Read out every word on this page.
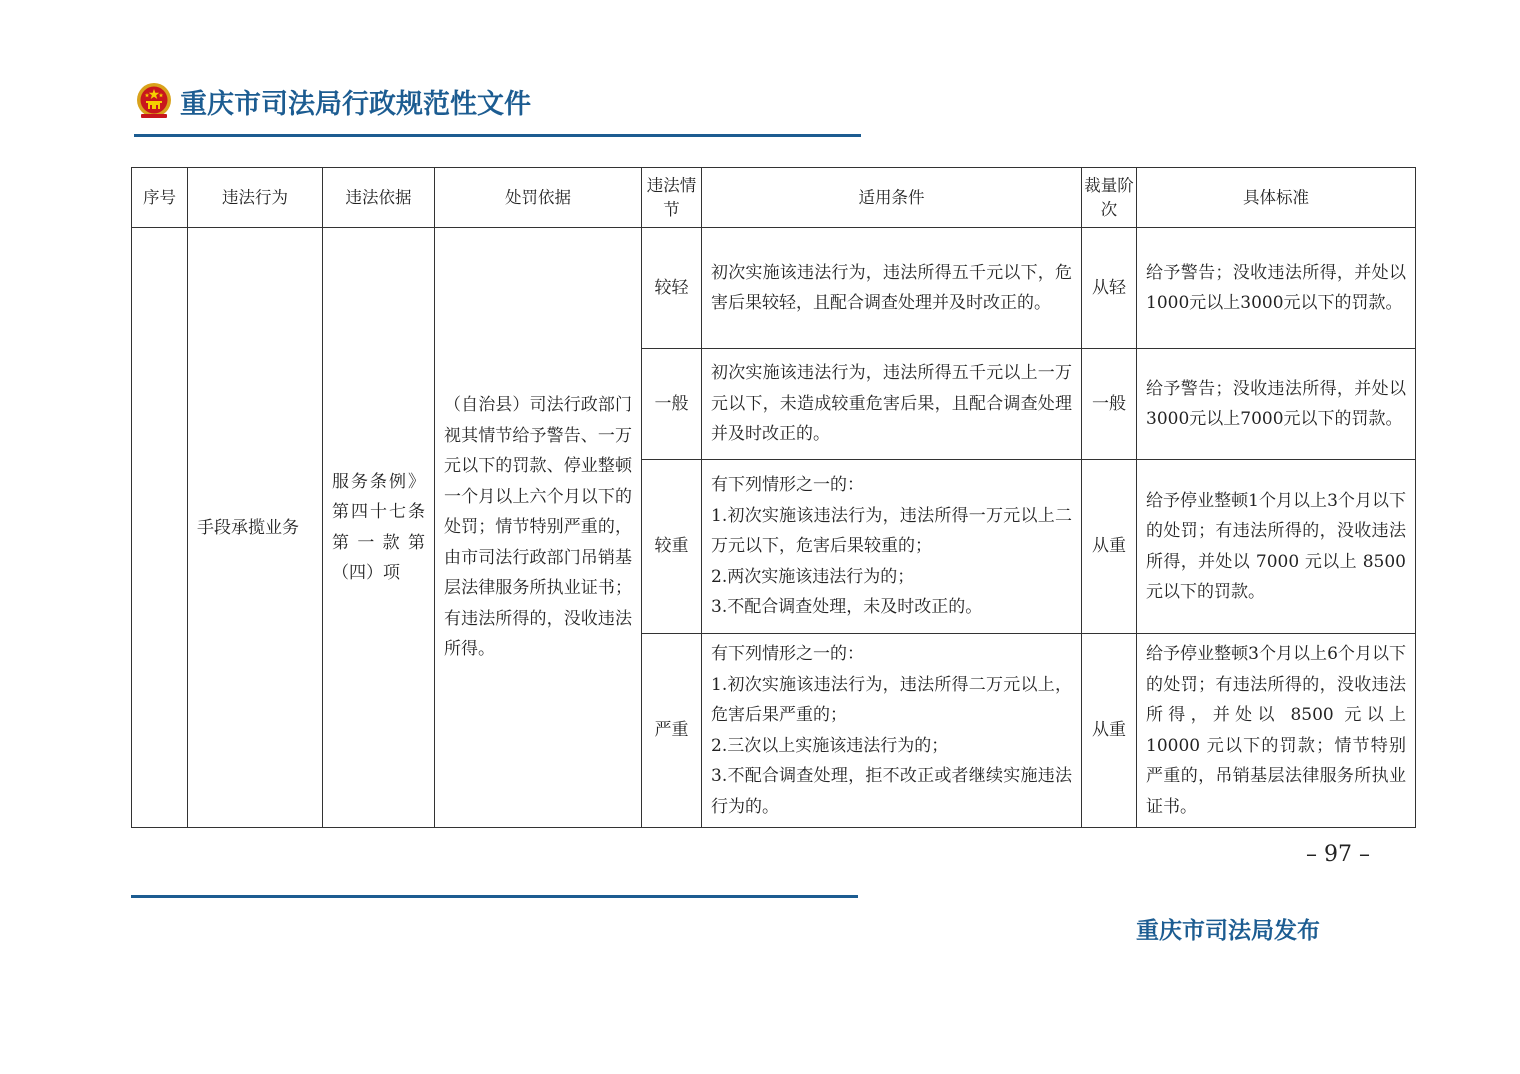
重庆市司法局行政规范性文件
序号	违法行为	违法依据	处罚依据	违法情节	适用条件	裁量阶次	具体标准
	手段承揽业务	服务条例》第四十七条第一款第（四）项	（自治县）司法行政部门视其情节给予警告、一万元以下的罚款、停业整顿一个月以上六个月以下的处罚；情节特别严重的，由市司法行政部门吊销基层法律服务所执业证书；有违法所得的，没收违法所得。	较轻	初次实施该违法行为，违法所得五千元以下，危害后果较轻，且配合调查处理并及时改正的。	从轻	给予警告；没收违法所得，并处以1000元以上3000元以下的罚款。
				一般	初次实施该违法行为，违法所得五千元以上一万元以下，未造成较重危害后果，且配合调查处理并及时改正的。	一般	给予警告；没收违法所得，并处以3000元以上7000元以下的罚款。
				较重	有下列情形之一的：
1.初次实施该违法行为，违法所得一万元以上二万元以下，危害后果较重的；
2.两次实施该违法行为的；
3.不配合调查处理，未及时改正的。	从重	给予停业整顿1个月以上3个月以下的处罚；有违法所得的，没收违法所得，并处以 7000 元以上 8500 元以下的罚款。
				严重	有下列情形之一的：
1.初次实施该违法行为，违法所得二万元以上，危害后果严重的；
2.三次以上实施该违法行为的；
3.不配合调查处理，拒不改正或者继续实施违法行为的。	从重	给予停业整顿3个月以上6个月以下的处罚；有违法所得的，没收违法所得，并处以 8500 元以上 10000 元以下的罚款；情节特别严重的，吊销基层法律服务所执业证书。
– 97 –
重庆市司法局发布
